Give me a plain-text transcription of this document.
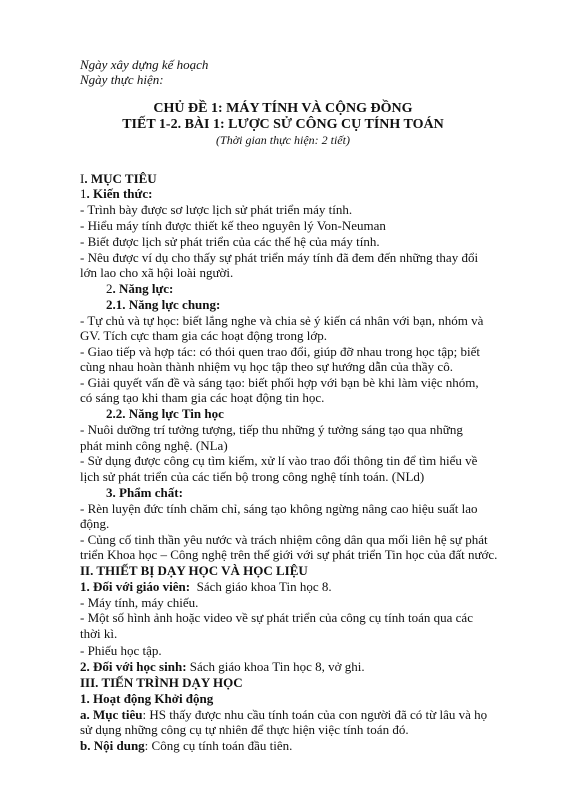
Ngày xây dựng kế hoạch
Ngày thực hiện:
CHỦ ĐỀ 1: MÁY TÍNH VÀ CỘNG ĐỒNG
TIẾT 1-2. BÀI 1: LƯỢC SỬ CÔNG CỤ TÍNH TOÁN
(Thời gian thực hiện: 2 tiết)
I. MỤC TIÊU
1. Kiến thức:
- Trình bày được sơ lược lịch sử phát triển máy tính.
- Hiểu máy tính được thiết kế theo nguyên lý Von-Neuman
- Biết được lịch sử phát triển của các thế hệ của máy tính.
- Nêu được ví dụ cho thấy sự phát triển máy tính đã đem đến những thay đổi
lớn lao cho xã hội loài người.
2. Năng lực:
2.1. Năng lực chung:
- Tự chủ và tự học: biết lắng nghe và chia sẻ ý kiến cá nhân với bạn, nhóm và
GV. Tích cực tham gia các hoạt động trong lớp.
- Giao tiếp và hợp tác: có thói quen trao đổi, giúp đỡ nhau trong học tập; biết
cùng nhau hoàn thành nhiệm vụ học tập theo sự hướng dẫn của thầy cô.
- Giải quyết vấn đề và sáng tạo: biết phối hợp với bạn bè khi làm việc nhóm,
có sáng tạo khi tham gia các hoạt động tin học.
2.2. Năng lực Tin học
- Nuôi dưỡng trí tưởng tượng, tiếp thu những ý tưởng sáng tạo qua những
phát minh công nghệ. (NLa)
- Sử dụng được công cụ tìm kiếm, xử lí vào trao đổi thông tin để tìm hiểu về
lịch sử phát triển của các tiến bộ trong công nghệ tính toán. (NLd)
3. Phẩm chất:
- Rèn luyện đức tính chăm chỉ, sáng tạo không ngừng nâng cao hiệu suất lao
động.
- Củng cố tinh thần yêu nước và trách nhiệm công dân qua mối liên hệ sự phát
triển Khoa học – Công nghệ trên thế giới với sự phát triển Tin học của đất nước.
II. THIẾT BỊ DẠY HỌC VÀ HỌC LIỆU
1. Đối với giáo viên:  Sách giáo khoa Tin học 8.
- Máy tính, máy chiếu.
- Một số hình ảnh hoặc video về sự phát triển của công cụ tính toán qua các
thời kì.
- Phiếu học tập.
2. Đối với học sinh: Sách giáo khoa Tin học 8, vở ghi.
III. TIẾN TRÌNH DẠY HỌC
1. Hoạt động Khởi động
a. Mục tiêu: HS thấy được nhu cầu tính toán của con người đã có từ lâu và họ
sử dụng những công cụ tự nhiên để thực hiện việc tính toán đó.
b. Nội dung: Công cụ tính toán đầu tiên.
